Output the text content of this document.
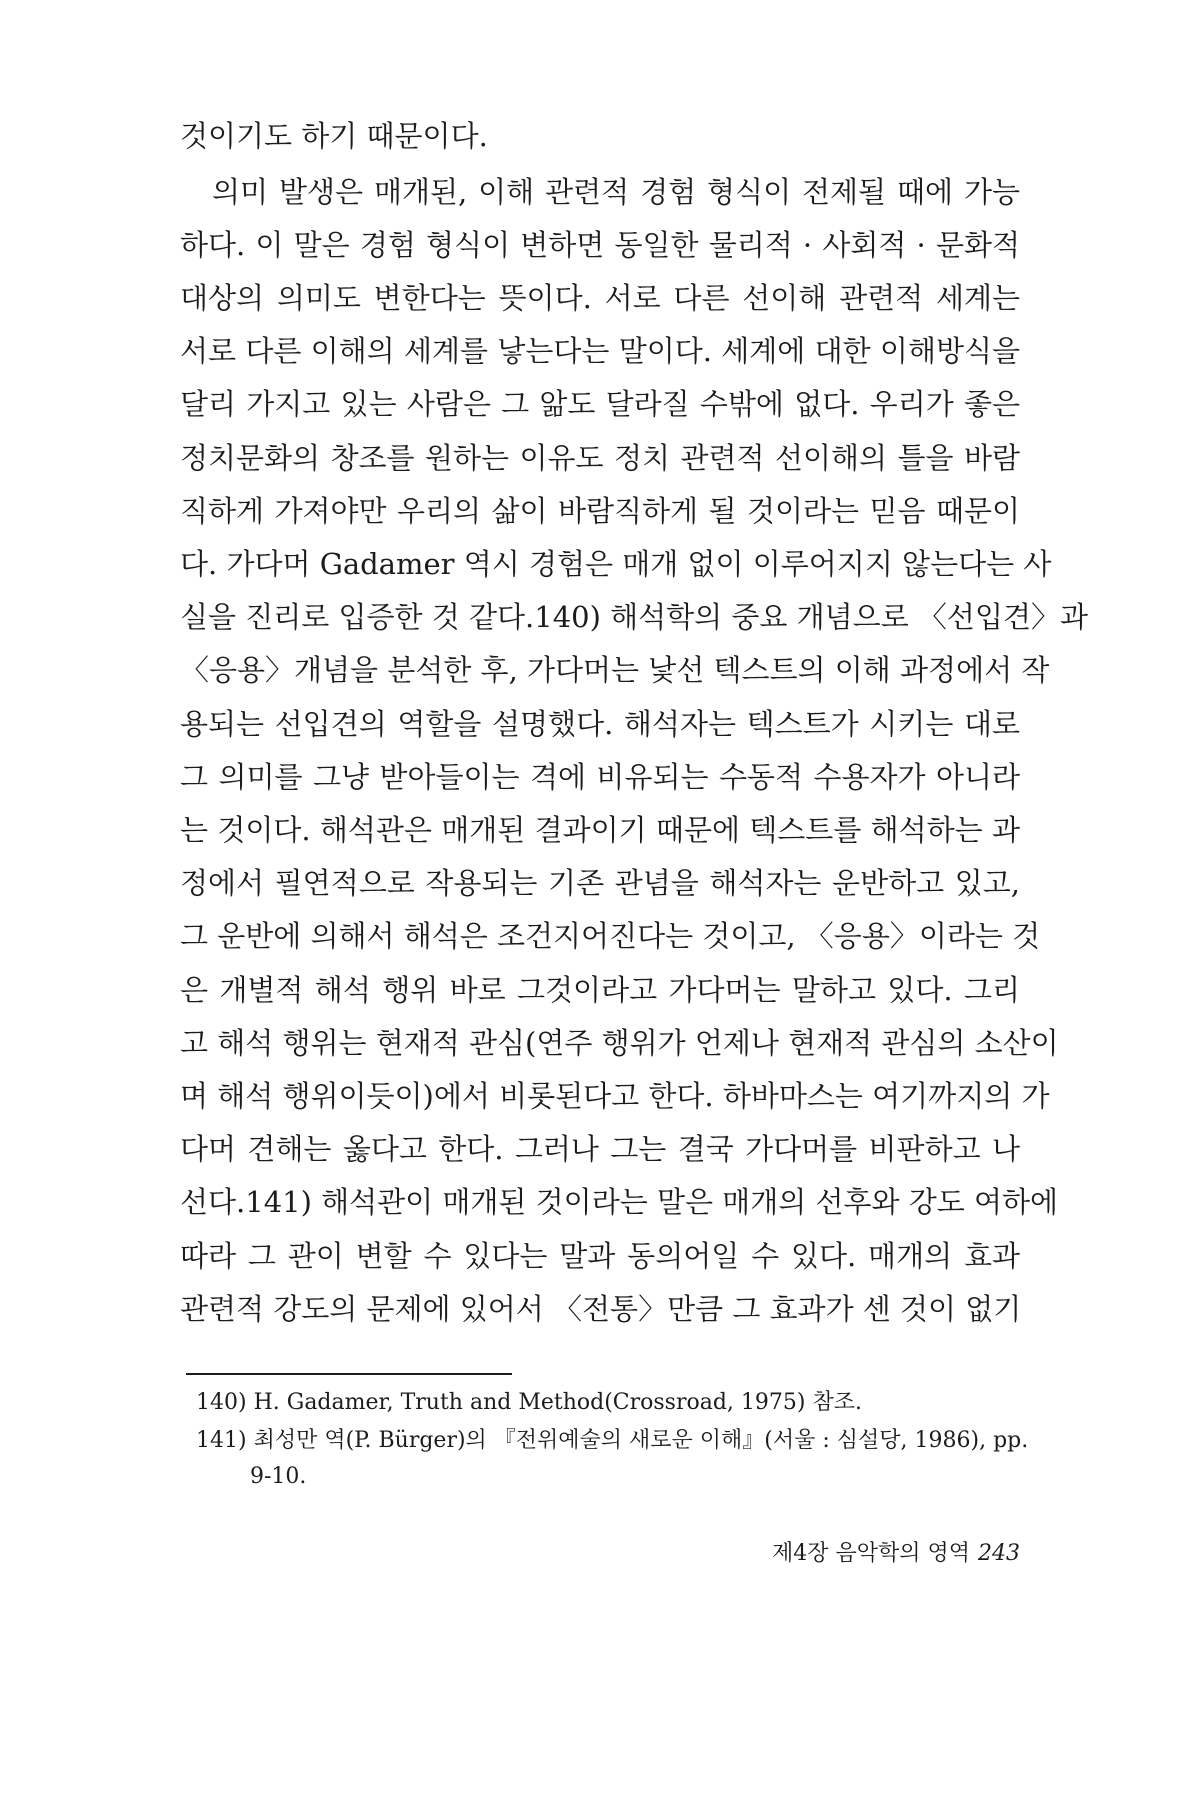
것이기도 하기 때문이다.
의미 발생은 매개된, 이해 관련적 경험 형식이 전제될 때에 가능
하다. 이 말은 경험 형식이 변하면 동일한 물리적 · 사회적 · 문화적
대상의 의미도 변한다는 뜻이다. 서로 다른 선이해 관련적 세계는
서로 다른 이해의 세계를 낳는다는 말이다. 세계에 대한 이해방식을
달리 가지고 있는 사람은 그 앎도 달라질 수밖에 없다. 우리가 좋은
정치문화의 창조를 원하는 이유도 정치 관련적 선이해의 틀을 바람
직하게 가져야만 우리의 삶이 바람직하게 될 것이라는 믿음 때문이
다. 가다머 Gadamer 역시 경험은 매개 없이 이루어지지 않는다는 사
실을 진리로 입증한 것 같다.140) 해석학의 중요 개념으로 〈선입견〉과
〈응용〉개념을 분석한 후, 가다머는 낯선 텍스트의 이해 과정에서 작
용되는 선입견의 역할을 설명했다. 해석자는 텍스트가 시키는 대로
그 의미를 그냥 받아들이는 격에 비유되는 수동적 수용자가 아니라
는 것이다. 해석관은 매개된 결과이기 때문에 텍스트를 해석하는 과
정에서 필연적으로 작용되는 기존 관념을 해석자는 운반하고 있고,
그 운반에 의해서 해석은 조건지어진다는 것이고, 〈응용〉이라는 것
은 개별적 해석 행위 바로 그것이라고 가다머는 말하고 있다. 그리
고 해석 행위는 현재적 관심(연주 행위가 언제나 현재적 관심의 소산이
며 해석 행위이듯이)에서 비롯된다고 한다. 하바마스는 여기까지의 가
다머 견해는 옳다고 한다. 그러나 그는 결국 가다머를 비판하고 나
선다.141) 해석관이 매개된 것이라는 말은 매개의 선후와 강도 여하에
따라 그 관이 변할 수 있다는 말과 동의어일 수 있다. 매개의 효과
관련적 강도의 문제에 있어서 〈전통〉만큼 그 효과가 센 것이 없기
140) H. Gadamer, Truth and Method(Crossroad, 1975) 참조.
141) 최성만 역(P. Bürger)의 『전위예술의 새로운 이해』(서울 : 심설당, 1986), pp.
9-10.
제4장 음악학의 영역 243
